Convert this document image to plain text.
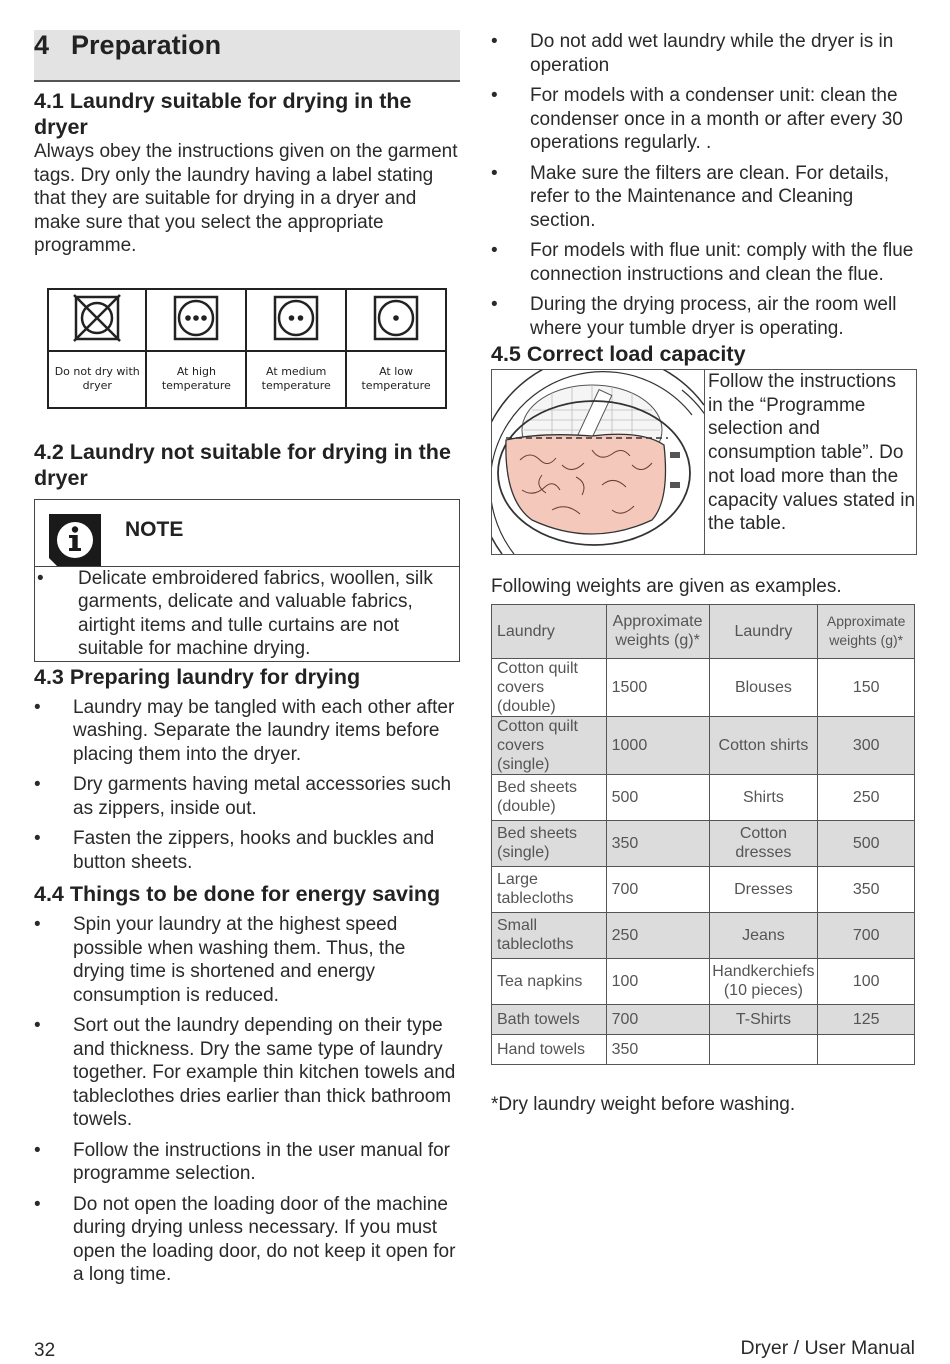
4 Preparation
4.1 Laundry suitable for drying in the dryer

Always obey the instructions given on the garment tags. Dry only the laundry having a label stating that they are suitable for drying in a dryer and make sure that you select the appropriate programme.

Do not dry with dryer	At high temperature	At medium temperature	At low temperature
4.2 Laundry not suitable for drying in the dryer
NOTE
• Delicate embroidered fabrics, woollen, silk garments, delicate and valuable fabrics, airtight items and tulle curtains are not suitable for machine drying.
4.3 Preparing laundry for drying
• Laundry may be tangled with each other after washing. Separate the laundry items before placing them into the dryer.
• Dry garments having metal accessories such as zippers, inside out.
• Fasten the zippers, hooks and buckles and button sheets.
4.4 Things to be done for energy saving
• Spin your laundry at the highest speed possible when washing them. Thus, the drying time is shortened and energy consumption is reduced.
• Sort out the laundry depending on their type and thickness. Dry the same type of laundry together. For example thin kitchen towels and tableclothes dries earlier than thick bathroom towels.
• Follow the instructions in the user manual for programme selection.
• Do not open the loading door of the machine during drying unless necessary. If you must open the loading door, do not keep it open for a long time.
• Do not add wet laundry while the dryer is in operation
• For models with a condenser unit: clean the condenser once in a month or after every 30 operations regularly. .
• Make sure the filters are clean. For details, refer to the Maintenance and Cleaning section.
• For models with flue unit: comply with the flue connection instructions and clean the flue.
• During the drying process, air the room well where your tumble dryer is operating.
4.5 Correct load capacity
Follow the instructions in the “Programme selection and consumption table”. Do not load more than the capacity values stated in the table.

Following weights are given as examples.

Laundry	Approximate weights (g)*	Laundry	Approximate weights (g)*
Cotton quilt covers (double)	1500	Blouses	150
Cotton quilt covers (single)	1000	Cotton shirts	300
Bed sheets (double)	500	Shirts	250
Bed sheets (single)	350	Cotton dresses	500
Large tablecloths	700	Dresses	350
Small tablecloths	250	Jeans	700
Tea napkins	100	Handkerchiefs (10 pieces)	100
Bath towels	700	T-Shirts	125
Hand towels	350		

*Dry laundry weight before washing.

32	Dryer / User Manual
